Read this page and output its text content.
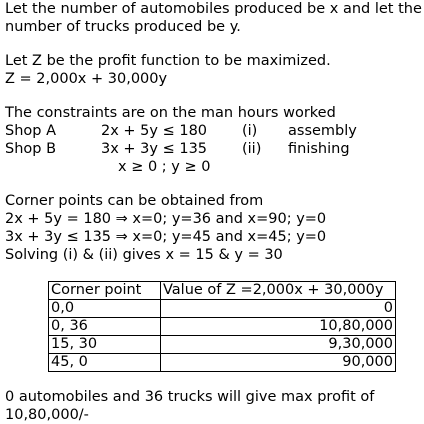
Let the number of automobiles produced be x and let the
number of trucks produced be y.
Let Z be the profit function to be maximized.
Z = 2,000x + 30,000y
The constraints are on the man hours worked
Shop A	2x + 5y ≤ 180 (i) assembly
Shop B	3x + 3y ≤ 135 (ii) finishing
x ≥ 0 ; y ≥ 0
Corner points can be obtained from
2x + 5y = 180 ⇒ x=0; y=36 and x=90; y=0
3x + 3y ≤ 135 ⇒ x=0; y=45 and x=45; y=0
Solving (i) & (ii) gives x = 15 & y = 30
Corner point	Value of Z =2,000x + 30,000y
0,0	0
0, 36	10,80,000
15, 30	9,30,000
45, 0	90,000
0 automobiles and 36 trucks will give max profit of
10,80,000/-
